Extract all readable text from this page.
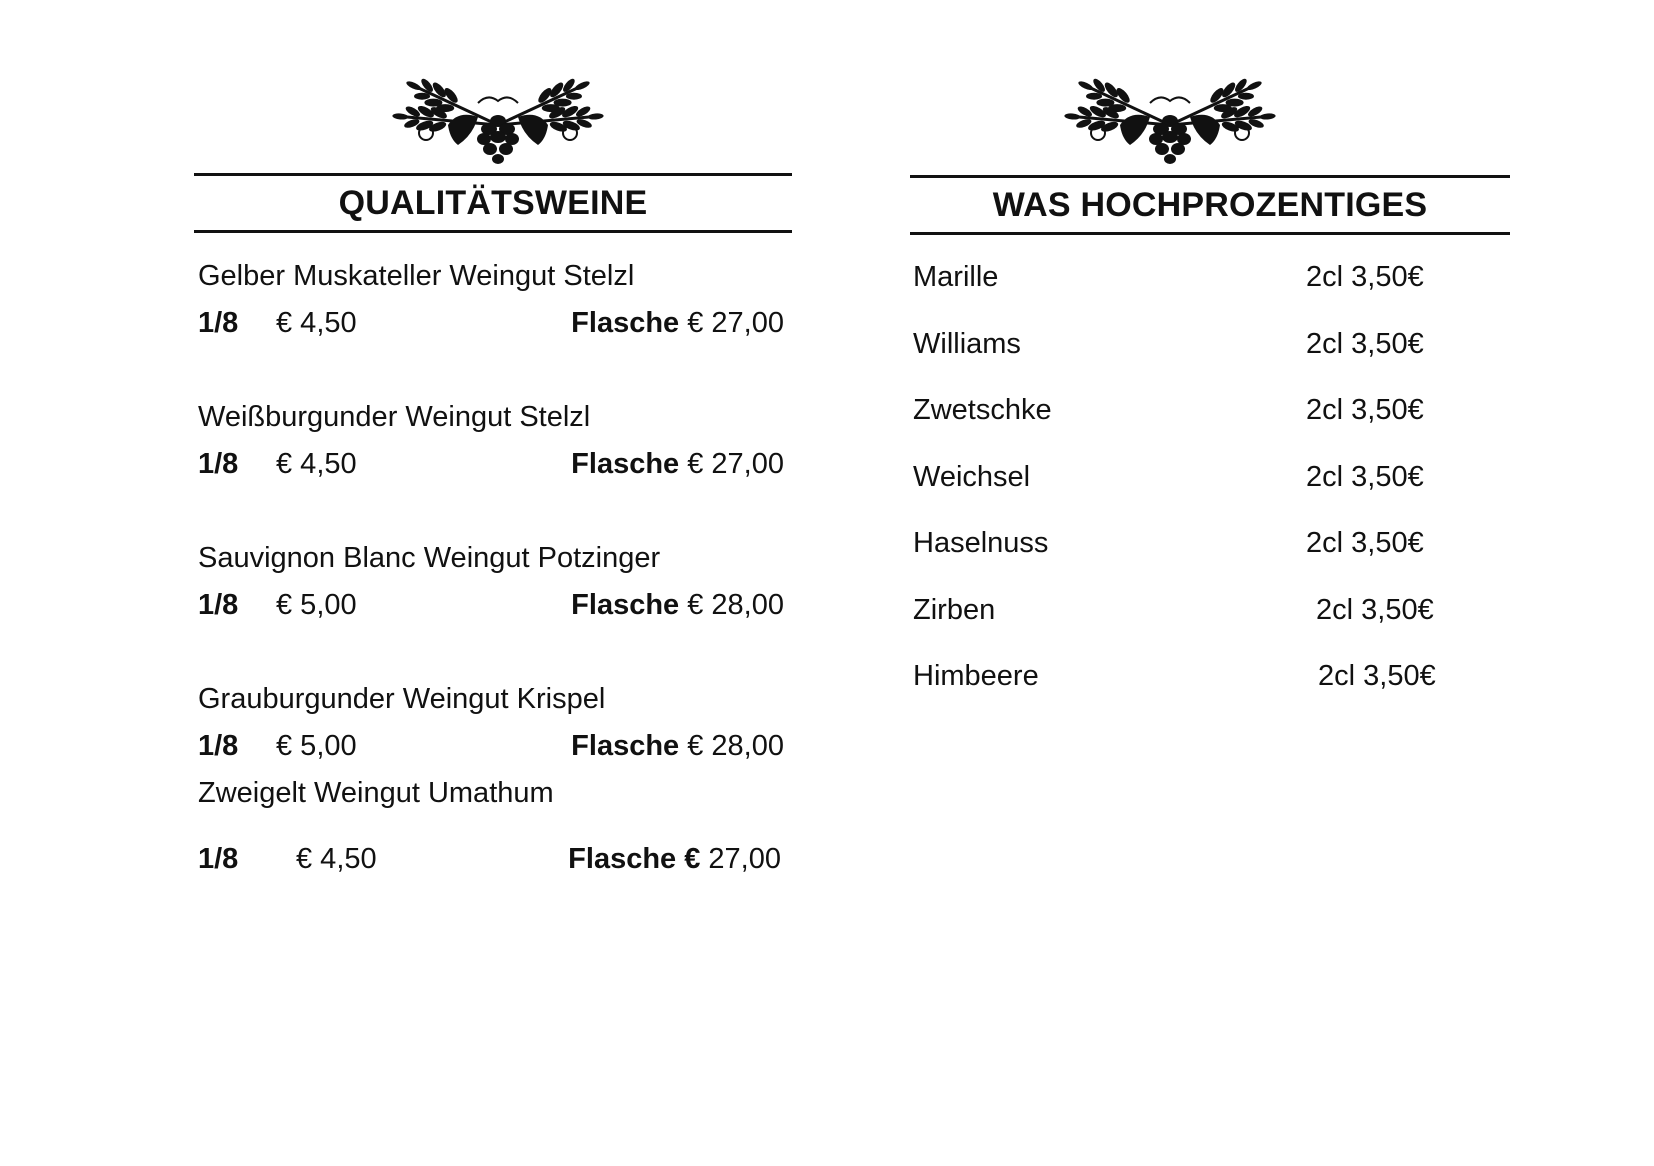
QUALITÄTSWEINE	WAS HOCHPROZENTIGES
Gelber Muskateller Weingut Stelzl
1/8 € 4,50	Flasche € 27,00
Weißburgunder Weingut Stelzl
1/8 € 4,50	Flasche € 27,00
Sauvignon Blanc Weingut Potzinger
1/8 € 5,00	Flasche € 28,00
Grauburgunder Weingut Krispel
1/8 € 5,00	Flasche € 28,00
Zweigelt Weingut Umathum
1/8 € 4,50	Flasche € 27,00
Marille	2cl 3,50€
Williams	2cl 3,50€
Zwetschke	2cl 3,50€
Weichsel	2cl 3,50€
Haselnuss	2cl 3,50€
Zirben	2cl 3,50€
Himbeere	2cl 3,50€
